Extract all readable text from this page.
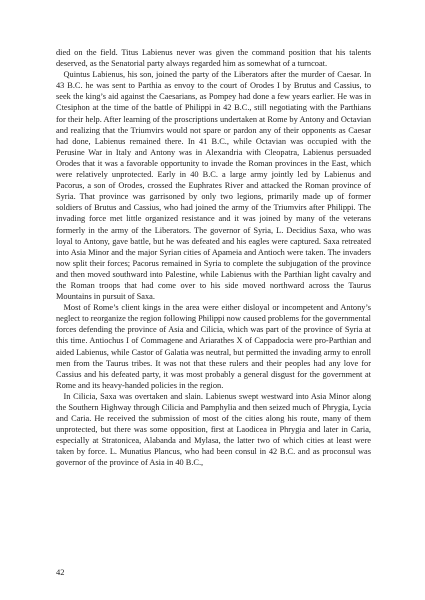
died on the field. Titus Labienus never was given the command position that his talents deserved, as the Senatorial party always regarded him as somewhat of a turncoat.

Quintus Labienus, his son, joined the party of the Liberators after the murder of Caesar. In 43 B.C. he was sent to Parthia as envoy to the court of Orodes I by Brutus and Cassius, to seek the king’s aid against the Caesarians, as Pompey had done a few years earlier. He was in Ctesiphon at the time of the battle of Philippi in 42 B.C., still negotiating with the Parthians for their help. After learning of the proscriptions undertaken at Rome by Antony and Octavian and realizing that the Triumvirs would not spare or pardon any of their opponents as Caesar had done, Labienus remained there. In 41 B.C., while Octavian was occupied with the Perusine War in Italy and Antony was in Alexandria with Cleopatra, Labienus persuaded Orodes that it was a favorable opportunity to invade the Roman provinces in the East, which were relatively unprotected. Early in 40 B.C. a large army jointly led by Labienus and Pacorus, a son of Orodes, crossed the Euphrates River and attacked the Roman province of Syria. That province was garrisoned by only two legions, primarily made up of former soldiers of Brutus and Cassius, who had joined the army of the Triumvirs after Philippi. The invading force met little organized resistance and it was joined by many of the veterans formerly in the army of the Liberators. The governor of Syria, L. Decidius Saxa, who was loyal to Antony, gave battle, but he was defeated and his eagles were captured. Saxa retreated into Asia Minor and the major Syrian cities of Apameia and Antioch were taken. The invaders now split their forces; Pacorus remained in Syria to complete the subjugation of the province and then moved southward into Palestine, while Labienus with the Parthian light cavalry and the Roman troops that had come over to his side moved northward across the Taurus Mountains in pursuit of Saxa.

Most of Rome’s client kings in the area were either disloyal or incompetent and Antony’s neglect to reorganize the region following Philippi now caused problems for the governmental forces defending the province of Asia and Cilicia, which was part of the province of Syria at this time. Antiochus I of Commagene and Ariarathes X of Cappadocia were pro-Parthian and aided Labienus, while Castor of Galatia was neutral, but permitted the invading army to enroll men from the Taurus tribes. It was not that these rulers and their peoples had any love for Cassius and his defeated party, it was most probably a general disgust for the government at Rome and its heavy-handed policies in the region.

In Cilicia, Saxa was overtaken and slain. Labienus swept westward into Asia Minor along the Southern Highway through Cilicia and Pamphylia and then seized much of Phrygia, Lycia and Caria. He received the submission of most of the cities along his route, many of them unprotected, but there was some opposition, first at Laodicea in Phrygia and later in Caria, especially at Stratonicea, Alabanda and Mylasa, the latter two of which cities at least were taken by force. L. Munatius Plancus, who had been consul in 42 B.C. and as proconsul was governor of the province of Asia in 40 B.C.,

42
